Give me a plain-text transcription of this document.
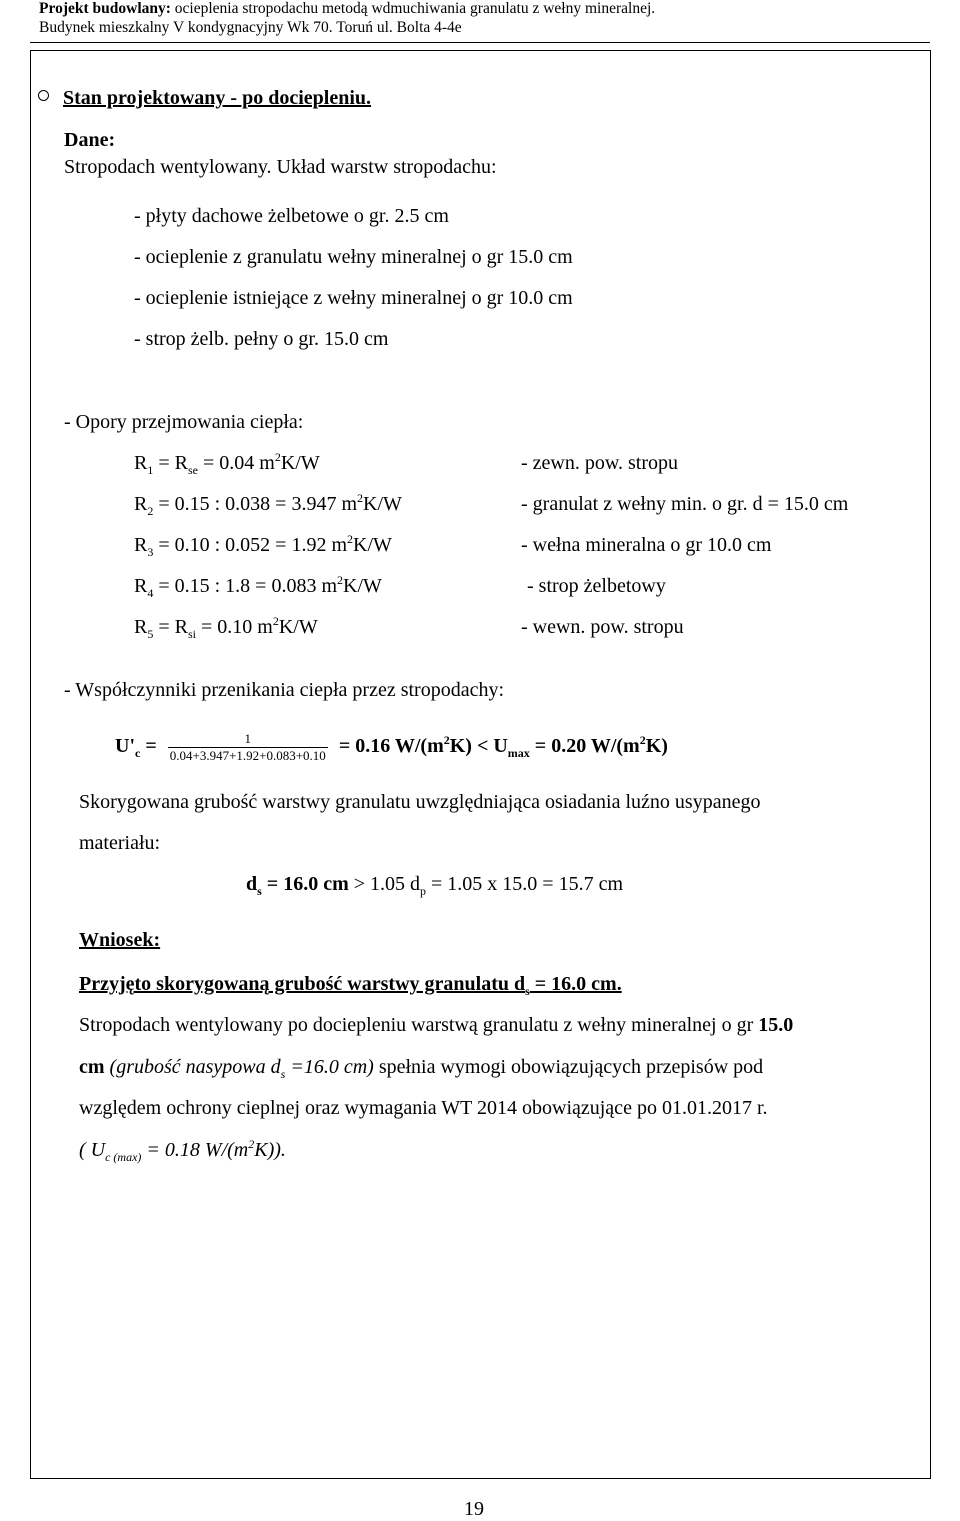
Projekt budowlany: ocieplenia stropodachu metodą wdmuchiwania granulatu z wełny mineralnej.
Budynek mieszkalny V kondygnacyjny Wk 70. Toruń ul. Bolta 4-4e
Stan projektowany - po dociepleniu.
Dane:
Stropodach wentylowany. Układ warstw stropodachu:
- płyty dachowe żelbetowe o gr. 2.5 cm
- ocieplenie z granulatu wełny mineralnej o gr 15.0 cm
- ocieplenie istniejące z wełny mineralnej o gr 10.0 cm
- strop żelb. pełny o gr. 15.0 cm
- Opory przejmowania ciepła:
$R_1 = R_{se} = 0.04$ $m^2K/W$	- zewn. pow. stropu
$R_2 = 0.15$ : 0.038 = 3.947 $m^2K/W$	- granulat z wełny min. o gr. d = 15.0 cm
$R_3 = 0.10$ : 0.052 = 1.92 $m^2K/W$	- wełna mineralna o gr 10.0 cm
$R_4 = 0.15$ : 1.8 = 0.083 $m^2K/W$	- strop żelbetowy
$R_5 = R_{si} = 0.10$ $m^2K/W$	- wewn. pow. stropu
- Współczynniki przenikania ciepła przez stropodachy:
$U'_c = \frac{1}{0.04+3.947+1.92+0.083+0.10} = 0.16$ $W/(m^2K) < U_{max} = 0.20$ $W/(m^2K)$
Skorygowana grubość warstwy granulatu uwzględniająca osiadania luźno usypanego
materiału:
$d_s = 16.0$ cm > 1.05 $d_p = 1.05$ x 15.0 = 15.7 cm
Wniosek:
Przyjęto skorygowaną grubość warstwy granulatu $d_s = 16.0$ cm.
Stropodach wentylowany po dociepleniu warstwą granulatu z wełny mineralnej o gr 15.0
cm (grubość nasypowa $d_s =16.0$ cm) spełnia wymogi obowiązujących przepisów pod
względem ochrony cieplnej oraz wymagania WT 2014 obowiązujące po 01.01.2017 r.
( $U_{c (max)} = 0.18$ $W/(m^2K)$).
19
